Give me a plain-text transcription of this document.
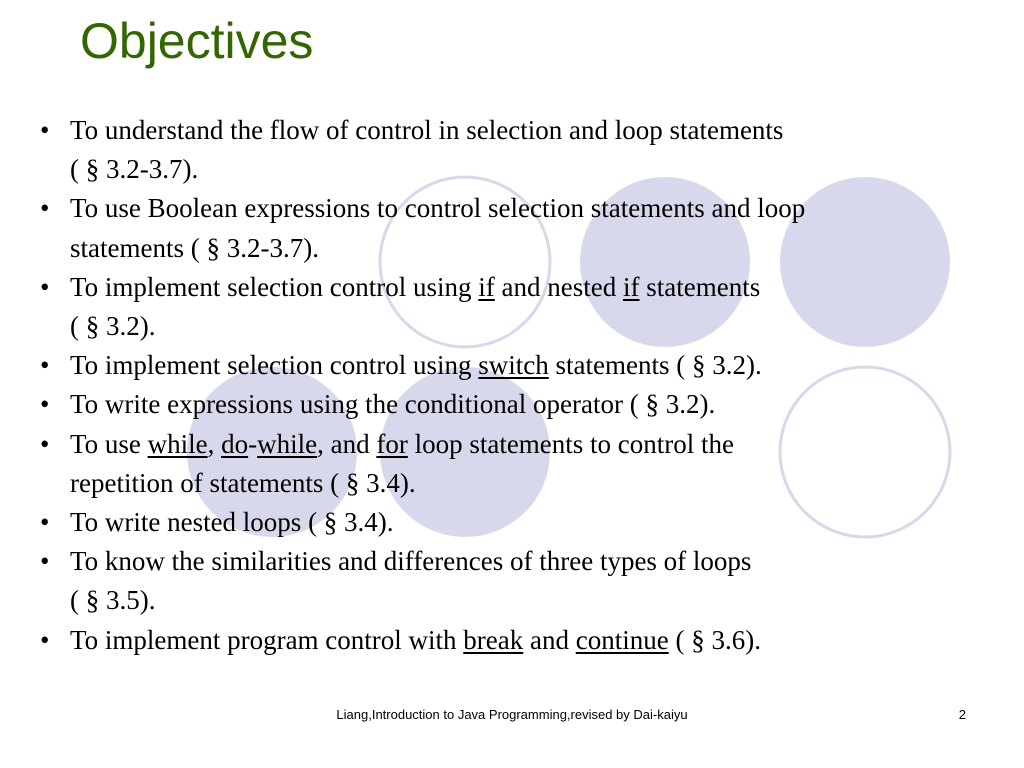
Objectives
• To understand the flow of control in selection and loop statements
( § 3.2-3.7).
• To use Boolean expressions to control selection statements and loop
statements ( § 3.2-3.7).
• To implement selection control using if and nested if statements
( § 3.2).
• To implement selection control using switch statements ( § 3.2).
• To write expressions using the conditional operator ( § 3.2).
• To use while, do-while, and for loop statements to control the
repetition of statements ( § 3.4).
• To write nested loops ( § 3.4).
• To know the similarities and differences of three types of loops
( § 3.5).
• To implement program control with break and continue ( § 3.6).
Liang,Introduction to Java Programming,revised by Dai-kaiyu	2
